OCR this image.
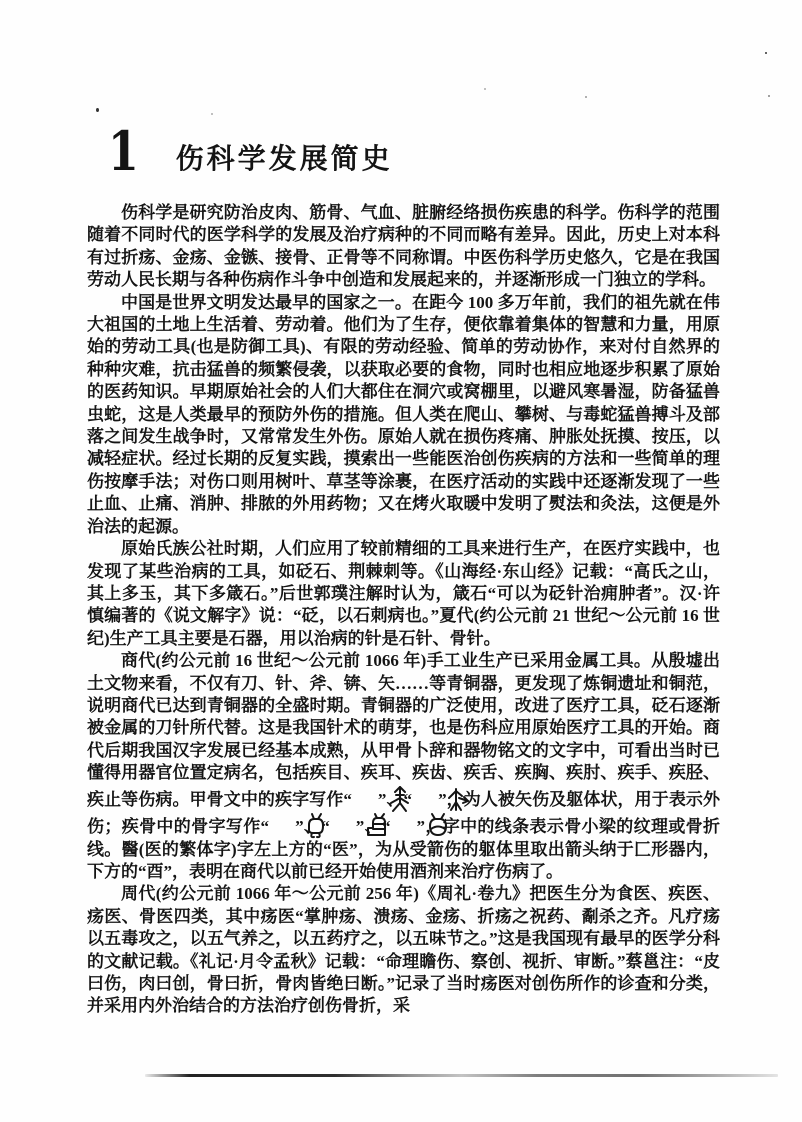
1 伤科学发展简史

伤科学是研究防治皮肉、筋骨、气血、脏腑经络损伤疾患的科学。伤科学的范围随着不同时代的医学科学的发展及治疗病种的不同而略有差异。因此，历史上对本科有过折疡、金疡、金镞、接骨、正骨等不同称谓。中医伤科学历史悠久，它是在我国劳动人民长期与各种伤病作斗争中创造和发展起来的，并逐渐形成一门独立的学科。

中国是世界文明发达最早的国家之一。在距今 100 多万年前，我们的祖先就在伟大祖国的土地上生活着、劳动着。他们为了生存，便依靠着集体的智慧和力量，用原始的劳动工具(也是防御工具)、有限的劳动经验、简单的劳动协作，来对付自然界的种种灾难，抗击猛兽的频繁侵袭，以获取必要的食物，同时也相应地逐步积累了原始的医药知识。早期原始社会的人们大都住在洞穴或窝棚里，以避风寒暑湿，防备猛兽虫蛇，这是人类最早的预防外伤的措施。但人类在爬山、攀树、与毒蛇猛兽搏斗及部落之间发生战争时，又常常发生外伤。原始人就在损伤疼痛、肿胀处抚摸、按压，以减轻症状。经过长期的反复实践，摸索出一些能医治创伤疾病的方法和一些简单的理伤按摩手法；对伤口则用树叶、草茎等涂裹，在医疗活动的实践中还逐渐发现了一些止血、止痛、消肿、排脓的外用药物；又在烤火取暖中发明了熨法和灸法，这便是外治法的起源。

原始氏族公社时期，人们应用了较前精细的工具来进行生产，在医疗实践中，也发现了某些治病的工具，如砭石、荆棘刺等。《山海经·东山经》记载：“高氏之山，其上多玉，其下多箴石。”后世郭璞注解时认为，箴石“可以为砭针治痈肿者”。汉·许慎编著的《说文解字》说：“砭，以石刺病也。”夏代(约公元前 21 世纪～公元前 16 世纪)生产工具主要是石器，用以治病的针是石针、骨针。

商代(约公元前 16 世纪～公元前 1066 年)手工业生产已采用金属工具。从殷墟出土文物来看，不仅有刀、针、斧、锛、矢……等青铜器，更发现了炼铜遗址和铜范，说明商代已达到青铜器的全盛时期。青铜器的广泛使用，改进了医疗工具，砭石逐渐被金属的刀针所代替。这是我国针术的萌芽，也是伤科应用原始医疗工具的开始。商代后期我国汉字发展已经基本成熟，从甲骨卜辞和器物铭文的文字中，可看出当时已懂得用器官位置定病名，包括疾目、疾耳、疾齿、疾舌、疾胸、疾肘、疾手、疾胫、疾止等伤病。甲骨文中的疾字写作“ ”、“ ”，为人被矢伤及躯体状，用于表示外伤；疾骨中的骨字写作“ ”、“ ”、“ ”，字中的线条表示骨小梁的纹理或骨折线。醫(医的繁体字)字左上方的“医”，为从受箭伤的躯体里取出箭头纳于匚形器内，下方的“酉”，表明在商代以前已经开始使用酒剂来治疗伤病了。

周代(约公元前 1066 年～公元前 256 年)《周礼·卷九》把医生分为食医、疾医、疡医、骨医四类，其中疡医“掌肿疡、溃疡、金疡、折疡之祝药、劀杀之齐。凡疗疡以五毒攻之，以五气养之，以五药疗之，以五味节之。”这是我国现有最早的医学分科的文献记载。《礼记·月令孟秋》记载：“命理瞻伤、察创、视折、审断。”蔡邕注：“皮曰伤，肉曰创，骨曰折，骨肉皆绝曰断。”记录了当时疡医对创伤所作的诊查和分类，并采用内外治结合的方法治疗创伤骨折，采
